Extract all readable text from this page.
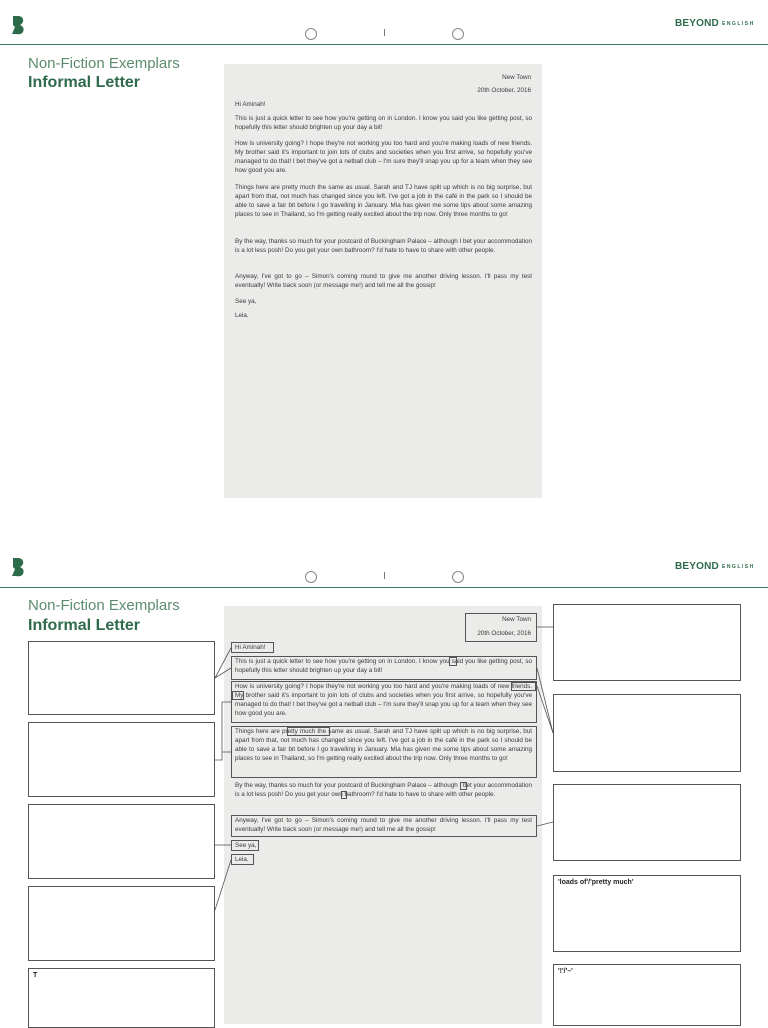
BEYOND ENGLISH
Non-Fiction Exemplars
Informal Letter	New Town
20th October, 2016
Hi Aminah!
This is just a quick letter to see how you're getting on in London. I know you said you like getting post, so hopefully this letter should brighten up your day a bit!
How is university going? I hope they're not working you too hard and you're making loads of new friends. My brother said it's important to join lots of clubs and societies when you first arrive, so hopefully you've managed to do that! I bet they've got a netball club – I'm sure they'll snap you up for a team when they see how good you are.
Things here are pretty much the same as usual. Sarah and TJ have split up which is no big surprise, but apart from that, not much has changed since you left. I've got a job in the café in the park so I should be able to save a fair bit before I go travelling in January. Mia has given me some tips about some amazing places to see in Thailand, so I'm getting really excited about the trip now. Only three months to go!
By the way, thanks so much for your postcard of Buckingham Palace – although I bet your accommodation is a lot less posh! Do you get your own bathroom? I'd hate to have to share with other people.
Anyway, I've got to go – Simon's coming round to give me another driving lesson. I'll pass my test eventually! Write back soon (or message me!) and tell me all the gossip!
See ya,
Leia.
BEYOND ENGLISH
Non-Fiction Exemplars
Informal Letter	New Town
20th October, 2016
Hi Aminah!
This is just a quick letter to see how you're getting on in London. I know you said you like getting post, so hopefully this letter should brighten up your day a bit!
How is university going? I hope they're not working you too hard and you're making loads of new friends. My brother said it's important to join lots of clubs and societies when you first arrive, so hopefully you've managed to do that! I bet they've got a netball club – I'm sure they'll snap you up for a team when they see how good you are.
Things here are pretty much the same as usual. Sarah and TJ have split up which is no big surprise, but apart from that, not much has changed since you left. I've got a job in the café in the park so I should be able to save a fair bit before I go travelling in January. Mia has given me some tips about some amazing places to see in Thailand, so I'm getting really excited about the trip now. Only three months to go!
By the way, thanks so much for your postcard of Buckingham Palace – although I bet your accommodation is a lot less posh! Do you get your own bathroom? I'd hate to have to share with other people.
Anyway, I've got to go – Simon's coming round to give me another driving lesson. I'll pass my test eventually! Write back soon (or message me!) and tell me all the gossip!
See ya,
Leia.
T
'loads of'/'pretty much'
'!'/'–'
